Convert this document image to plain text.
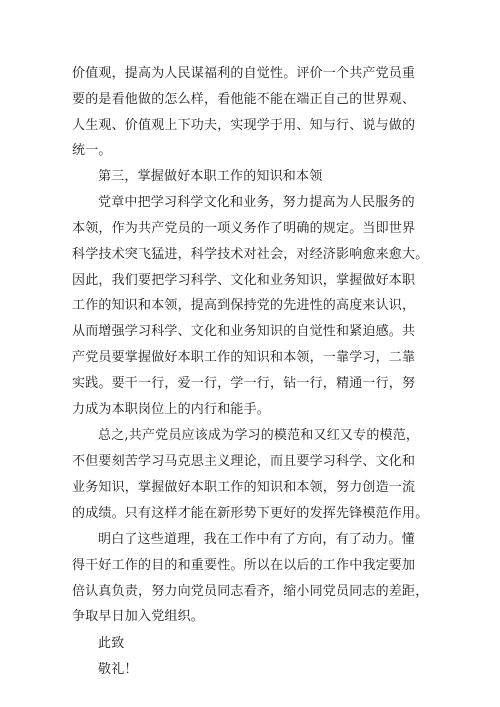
价值观，提高为人民谋福利的自觉性。评价一个共产党员重
要的是看他做的怎么样，看他能不能在端正自己的世界观、
人生观、价值观上下功夫，实现学于用、知与行、说与做的
统一。
第三，掌握做好本职工作的知识和本领
党章中把学习科学文化和业务，努力提高为人民服务的
本领，作为共产党员的一项义务作了明确的规定。当即世界
科学技术突飞猛进，科学技术对社会，对经济影响愈来愈大。
因此，我们要把学习科学、文化和业务知识，掌握做好本职
工作的知识和本领，提高到保持党的先进性的高度来认识，
从而增强学习科学、文化和业务知识的自觉性和紧迫感。共
产党员要掌握做好本职工作的知识和本领，一靠学习，二靠
实践。要干一行，爱一行，学一行，钻一行，精通一行，努
力成为本职岗位上的内行和能手。
总之,共产党员应该成为学习的模范和又红又专的模范，
不但要刻苦学习马克思主义理论，而且要学习科学、文化和
业务知识，掌握做好本职工作的知识和本领，努力创造一流
的成绩。只有这样才能在新形势下更好的发挥先锋模范作用。
明白了这些道理，我在工作中有了方向，有了动力。懂
得干好工作的目的和重要性。所以在以后的工作中我定要加
倍认真负责，努力向党员同志看齐，缩小同党员同志的差距，
争取早日加入党组织。
此致
敬礼！
